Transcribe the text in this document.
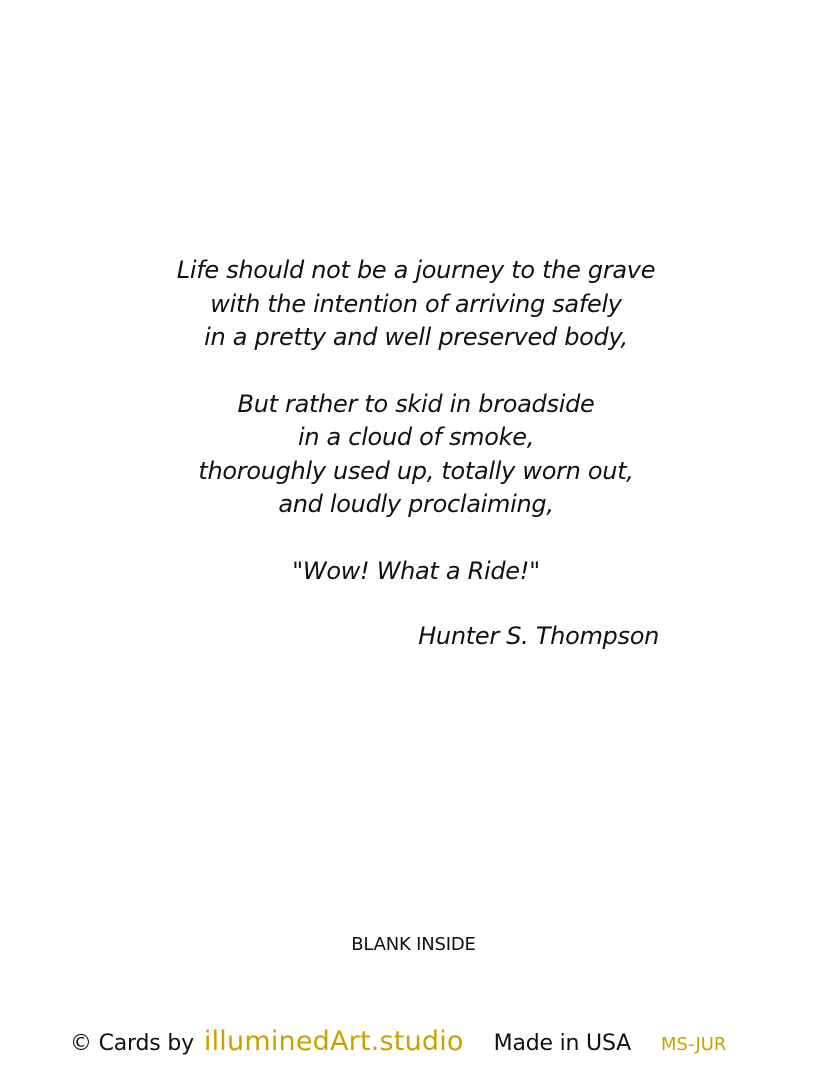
Life should not be a journey to the grave
with the intention of arriving safely
in a pretty and well preserved body,

But rather to skid in broadside
in a cloud of smoke,
thoroughly used up, totally worn out,
and loudly proclaiming,

"Wow! What a Ride!"

Hunter S. Thompson
BLANK INSIDE
© Cards by illuminedArt.studio Made in USA MS-JUR
